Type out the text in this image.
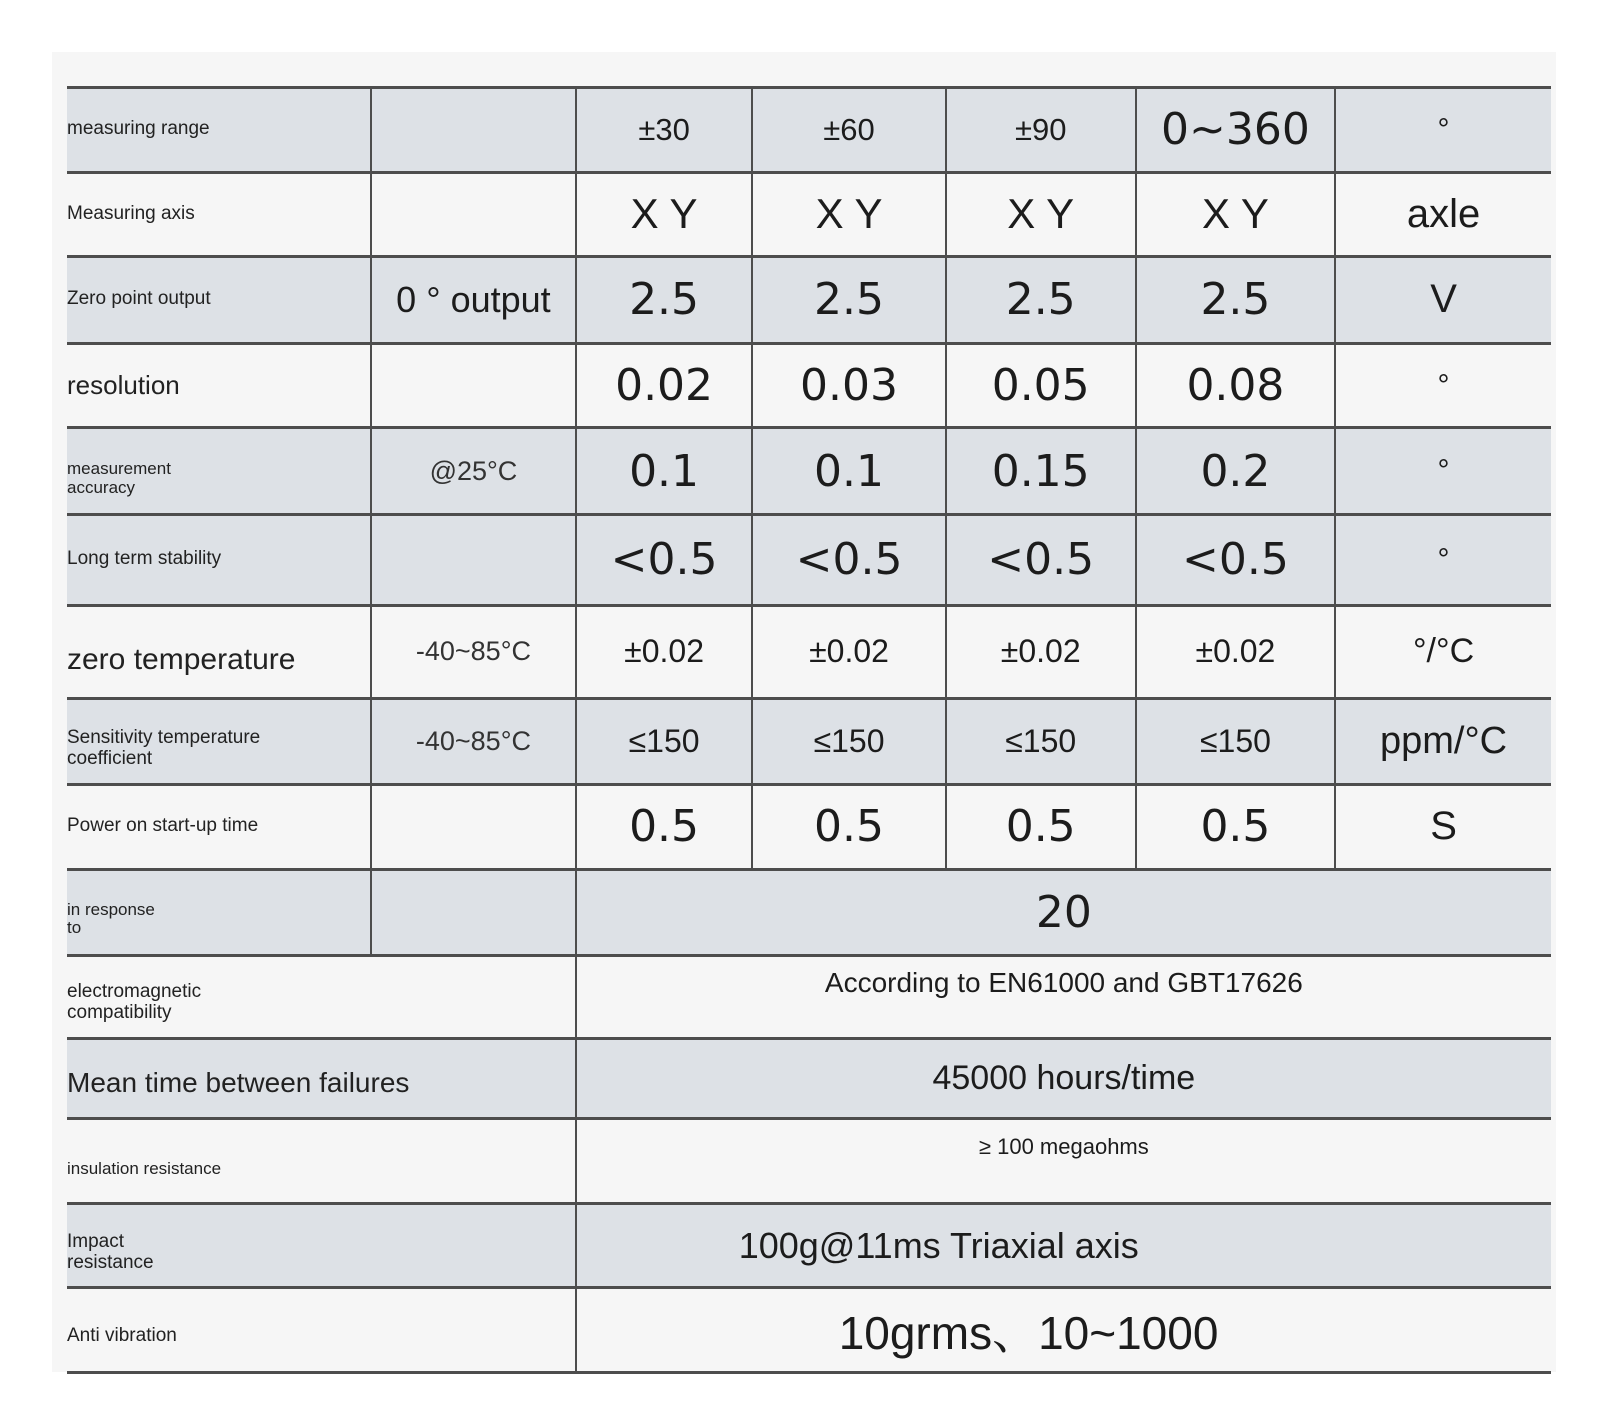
measuring range		±30	±60	±90	0~360	°
Measuring axis		X Y	X Y	X Y	X Y	axle
Zero point output	0 ° output	2.5	2.5	2.5	2.5	V
resolution		0.02	0.03	0.05	0.08	°
measurement
accuracy	@25°C	0.1	0.1	0.15	0.2	°
Long term stability		<0.5	<0.5	<0.5	<0.5	°
zero temperature	-40~85°C	±0.02	±0.02	±0.02	±0.02	°/°C
Sensitivity temperature
coefficient	-40~85°C	≤150	≤150	≤150	≤150	ppm/°C
Power on start-up time		0.5	0.5	0.5	0.5	S
in response
to		20				
electromagnetic
compatibility		According to EN61000 and GBT17626				
Mean time between failures		45000 hours/time				
insulation resistance		≥ 100 megaohms				
Impact
resistance		100g@11ms Triaxial axis				
Anti vibration		10grms、10~1000				
